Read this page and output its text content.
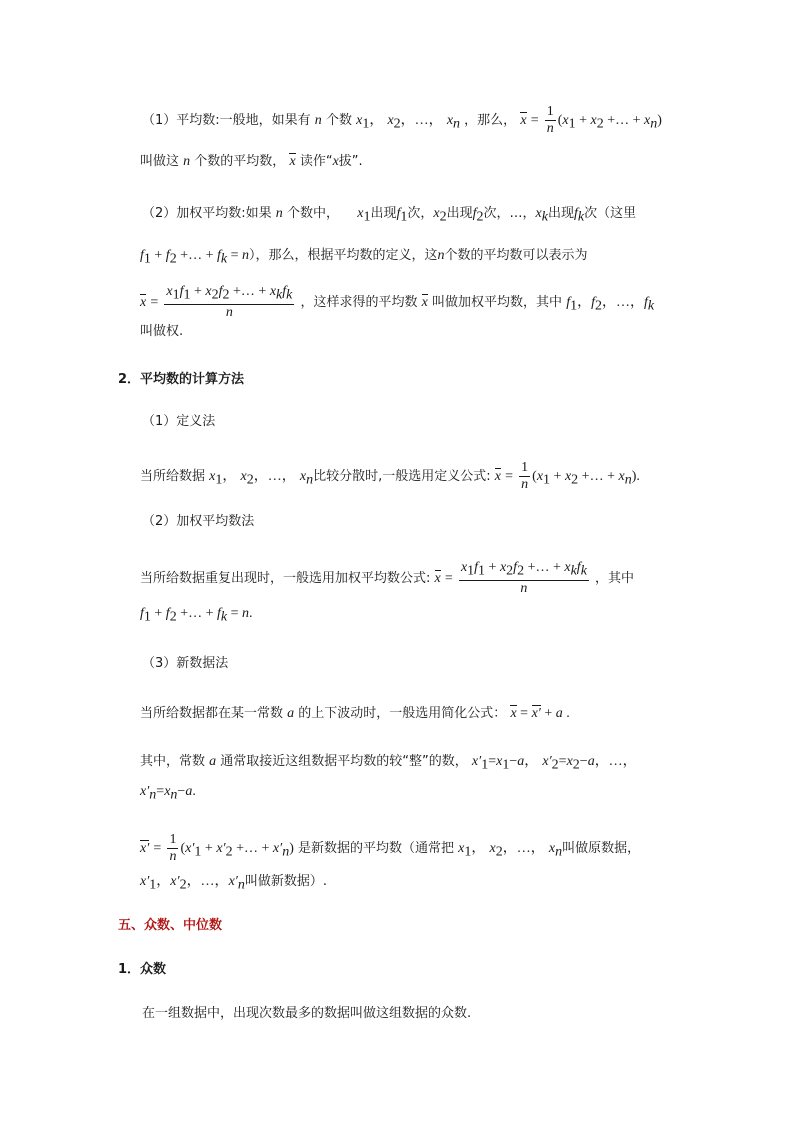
（1）平均数:一般地，如果有 n 个数 $x_1$， $x_2$，…， $x_n$ ，那么， $x = \frac{1}{n} (x_1 + x_2$ +… + $x_n$)
叫做这 n 个数的平均数， x 读作“x拔”.
（2）加权平均数:如果 n 个数中， $x_1$出现$f_1$次，$x_2$出现$f_2$次，…，$x_k$出现$f_k$次（这里
$f_1 + f_2$ +… + $f_k = n$），那么，根据平均数的定义，这n个数的平均数可以表示为
$x = \frac{x_1f_1 + x_2f_2 +\dots + x_kf_k}{n}$ ，这样求得的平均数 x 叫做加权平均数，其中 $f_1$，$f_2$，…，$f_k$
叫做权.
2．平均数的计算方法
（1）定义法
当所给数据 $x_1$， $x_2$，…， $x_n$比较分散时,一般选用定义公式: $x = \frac{1}{n} (x_1 + x_2$ +… + $x_n$).
（2）加权平均数法
当所给数据重复出现时，一般选用加权平均数公式: $x = \frac{x_1f_1 + x_2f_2 +\dots + x_kf_k}{n}$ ，其中
$f_1 + f_2$ +… + $f_k = n$.
（3）新数据法
当所给数据都在某一常数 a 的上下波动时，一般选用简化公式： x = x′ + a .
其中，常数 a 通常取接近这组数据平均数的较“整”的数， $x'_1=x_1-a$， $x'_2=x_2-a$，…，
$x'_n=x_n-a$.
$x' = \frac{1}{n} (x'_1 + x'_2$ +… + $x'_n$) 是新数据的平均数（通常把 $x_1$， $x_2$，…， $x_n$叫做原数据，
$x'_1$，$x'_2$，…，$x'_n$叫做新数据）.
五、众数、中位数
1．众数
在一组数据中，出现次数最多的数据叫做这组数据的众数.
